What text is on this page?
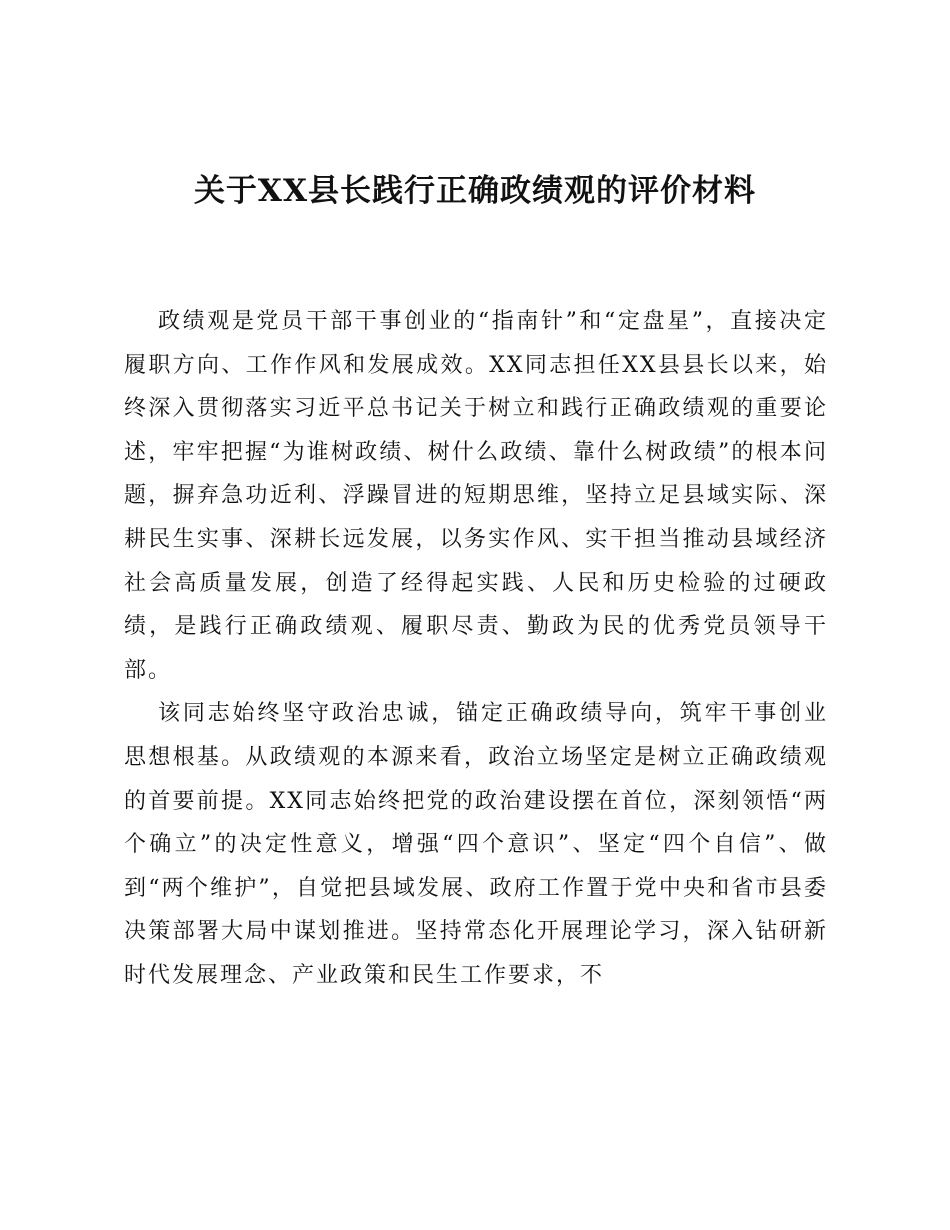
关于XX县长践行正确政绩观的评价材料

政绩观是党员干部干事创业的“指南针”和“定盘星”，直接决定履职方向、工作作风和发展成效。XX同志担任XX县县长以来，始终深入贯彻落实习近平总书记关于树立和践行正确政绩观的重要论述，牢牢把握“为谁树政绩、树什么政绩、靠什么树政绩”的根本问题，摒弃急功近利、浮躁冒进的短期思维，坚持立足县域实际、深耕民生实事、深耕长远发展，以务实作风、实干担当推动县域经济社会高质量发展，创造了经得起实践、人民和历史检验的过硬政绩，是践行正确政绩观、履职尽责、勤政为民的优秀党员领导干部。

该同志始终坚守政治忠诚，锚定正确政绩导向，筑牢干事创业思想根基。从政绩观的本源来看，政治立场坚定是树立正确政绩观的首要前提。XX同志始终把党的政治建设摆在首位，深刻领悟“两个确立”的决定性意义，增强“四个意识”、坚定“四个自信”、做到“两个维护”，自觉把县域发展、政府工作置于党中央和省市县委决策部署大局中谋划推进。坚持常态化开展理论学习，深入钻研新时代发展理念、产业政策和民生工作要求，不
